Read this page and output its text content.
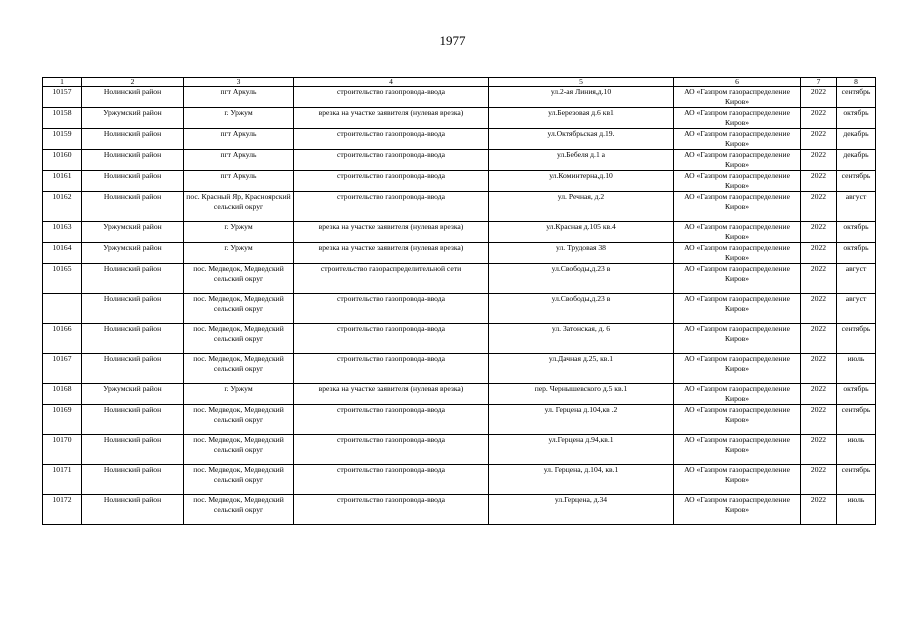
1977
1	2	3	4	5	6	7	8
10157	Нолинский район	пгт Аркуль	строительство газопровода-ввода	ул.2-ая Линия,д.10	АО «Газпром газораспределение Киров»	2022	сентябрь
10158	Уржумский район	г. Уржум	врезка на участке заявителя (нулевая врезка)	ул.Березовая д.6 кв1	АО «Газпром газораспределение Киров»	2022	октябрь
10159	Нолинский район	пгт Аркуль	строительство газопровода-ввода	ул.Октябрьская д.19.	АО «Газпром газораспределение Киров»	2022	декабрь
10160	Нолинский район	пгт Аркуль	строительство газопровода-ввода	ул.Бебеля д.1 а	АО «Газпром газораспределение Киров»	2022	декабрь
10161	Нолинский район	пгт Аркуль	строительство газопровода-ввода	ул.Коминтерна,д.10	АО «Газпром газораспределение Киров»	2022	сентябрь
10162	Нолинский район	пос. Красный Яр, Красноярский сельский округ	строительство газопровода-ввода	ул. Речная, д.2	АО «Газпром газораспределение Киров»	2022	август
10163	Уржумский район	г. Уржум	врезка на участке заявителя (нулевая врезка)	ул.Красная д.105 кв.4	АО «Газпром газораспределение Киров»	2022	октябрь
10164	Уржумский район	г. Уржум	врезка на участке заявителя (нулевая врезка)	ул. Трудовая 38	АО «Газпром газораспределение Киров»	2022	октябрь
10165	Нолинский район	пос. Медведок, Медведский сельский округ	строительство газораспределительной сети	ул.Свободы,д.23 в	АО «Газпром газораспределение Киров»	2022	август
	Нолинский район	пос. Медведок, Медведский сельский округ	строительство газопровода-ввода	ул.Свободы,д.23 в	АО «Газпром газораспределение Киров»	2022	август
10166	Нолинский район	пос. Медведок, Медведский сельский округ	строительство газопровода-ввода	ул. Затонская, д. 6	АО «Газпром газораспределение Киров»	2022	сентябрь
10167	Нолинский район	пос. Медведок, Медведский сельский округ	строительство газопровода-ввода	ул.Дачная д.25, кв.1	АО «Газпром газораспределение Киров»	2022	июль
10168	Уржумский район	г. Уржум	врезка на участке заявителя (нулевая врезка)	пер. Чернышевского д.5 кв.1	АО «Газпром газораспределение Киров»	2022	октябрь
10169	Нолинский район	пос. Медведок, Медведский сельский округ	строительство газопровода-ввода	ул. Герцена д.104,кв .2	АО «Газпром газораспределение Киров»	2022	сентябрь
10170	Нолинский район	пос. Медведок, Медведский сельский округ	строительство газопровода-ввода	ул.Герцена д.94,кв.1	АО «Газпром газораспределение Киров»	2022	июль
10171	Нолинский район	пос. Медведок, Медведский сельский округ	строительство газопровода-ввода	ул. Герцена, д.104, кв.1	АО «Газпром газораспределение Киров»	2022	сентябрь
10172	Нолинский район	пос. Медведок, Медведский сельский округ	строительство газопровода-ввода	ул.Герцена, д.34	АО «Газпром газораспределение Киров»	2022	июль
